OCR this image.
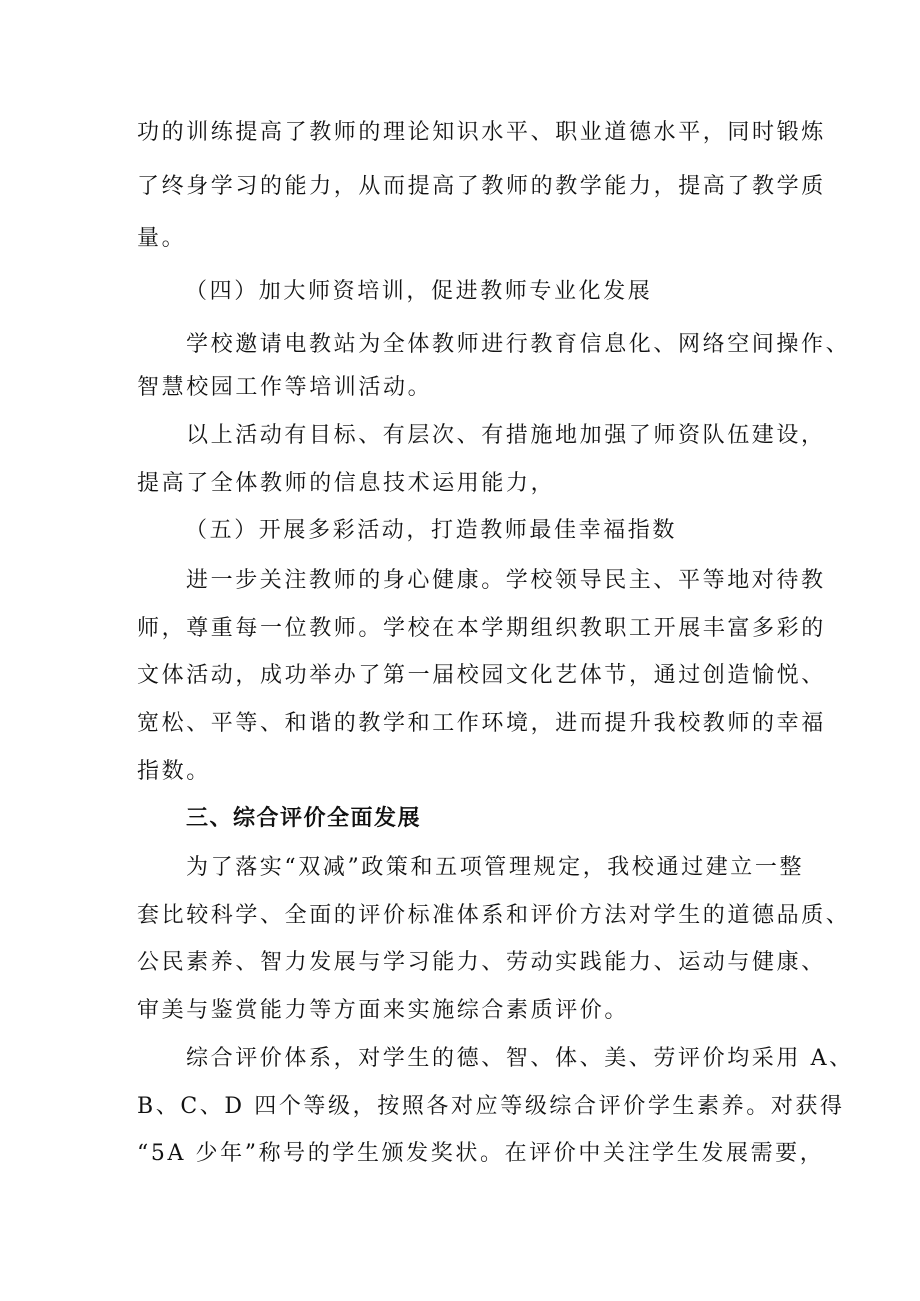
功的训练提高了教师的理论知识水平、职业道德水平，同时锻炼

了终身学习的能力，从而提高了教师的教学能力，提高了教学质

量。

（四）加大师资培训，促进教师专业化发展

学校邀请电教站为全体教师进行教育信息化、网络空间操作、

智慧校园工作等培训活动。

以上活动有目标、有层次、有措施地加强了师资队伍建设，

提高了全体教师的信息技术运用能力，

（五）开展多彩活动，打造教师最佳幸福指数

进一步关注教师的身心健康。学校领导民主、平等地对待教

师，尊重每一位教师。学校在本学期组织教职工开展丰富多彩的

文体活动，成功举办了第一届校园文化艺体节，通过创造愉悦、

宽松、平等、和谐的教学和工作环境，进而提升我校教师的幸福

指数。

三、综合评价全面发展

为了落实“双减”政策和五项管理规定，我校通过建立一整

套比较科学、全面的评价标准体系和评价方法对学生的道德品质、

公民素养、智力发展与学习能力、劳动实践能力、运动与健康、

审美与鉴赏能力等方面来实施综合素质评价。

综合评价体系，对学生的德、智、体、美、劳评价均采用 A、

B、C、D 四个等级，按照各对应等级综合评价学生素养。对获得

“5A 少年”称号的学生颁发奖状。在评价中关注学生发展需要，
